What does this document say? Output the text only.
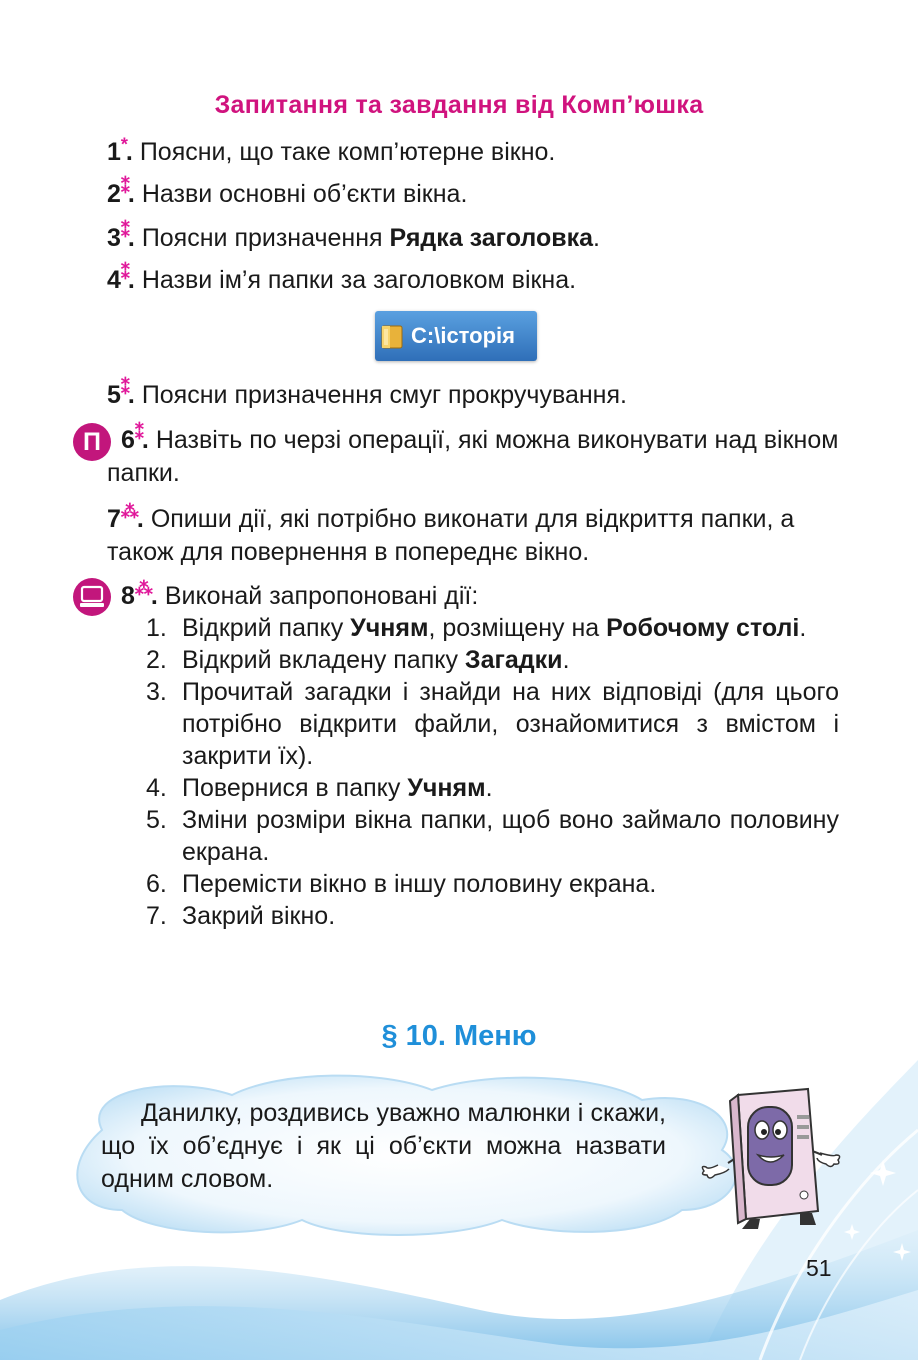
Запитання та завдання від Комп’юшка
1*. Поясни, що таке комп’ютерне вікно.
2⁑. Назви основні об’єкти вікна.
3⁑. Поясни призначення Рядка заголовка.
4⁑. Назви ім’я папки за заголовком вікна.
C:\історія
5⁑. Поясни призначення смуг прокручування.
П 6⁑. Назвіть по черзі операції, які можна виконувати над вікном папки.
7⁂. Опиши дії, які потрібно виконати для відкриття папки, а також для повернення в попереднє вікно.
8⁂. Виконай запропоновані дії:
1. Відкрий папку Учням, розміщену на Робочому столі.
2. Відкрий вкладену папку Загадки.
3. Прочитай загадки і знайди на них відповіді (для цього потрібно відкрити файли, ознайомитися з вмістом і закрити їх).
4. Повернися в папку Учням.
5. Зміни розміри вікна папки, щоб воно займало половину екрана.
6. Перемісти вікно в іншу половину екрана.
7. Закрий вікно.
§ 10. Меню
Данилку, роздивись уважно малюнки і скажи, що їх об’єднує і як ці об’єкти можна назвати одним словом.
51
